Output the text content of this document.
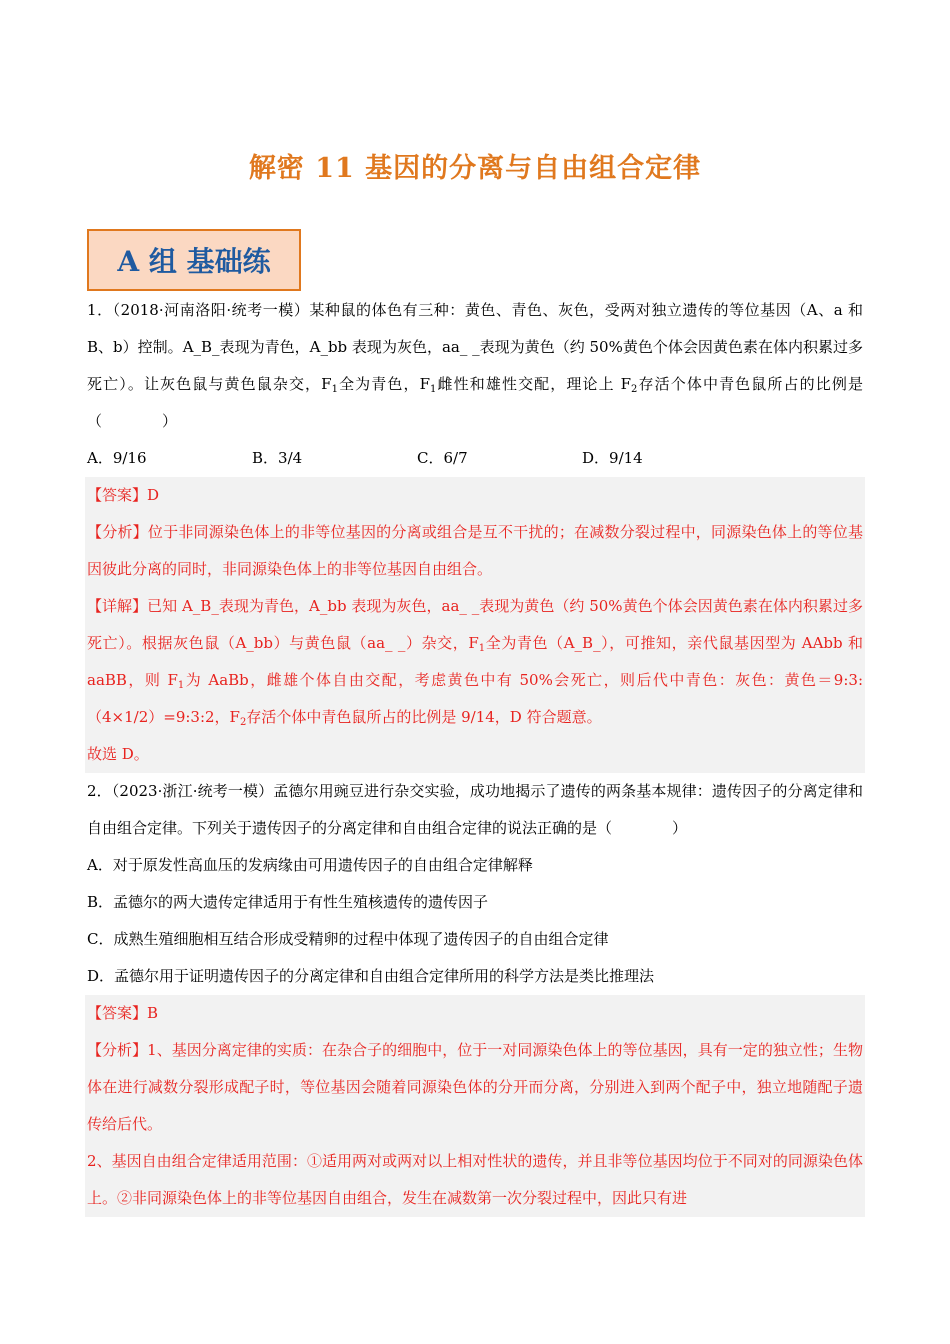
解密 11 基因的分离与自由组合定律
A 组 基础练

1．（2018·河南洛阳·统考一模）某种鼠的体色有三种：黄色、青色、灰色，受两对独立遗传的等位基因（A、a 和 B、b）控制。A_B_表现为青色，A_bb 表现为灰色，aa_ _表现为黄色（约 50%黄色个体会因黄色素在体内积累过多死亡）。让灰色鼠与黄色鼠杂交，$F_1$全为青色，$F_1$雌性和雄性交配，理论上 $F_2$存活个体中青色鼠所占的比例是（　　　　）

A．9/16	B．3/4	C．6/7	D．9/14

【答案】D

【分析】位于非同源染色体上的非等位基因的分离或组合是互不干扰的；在减数分裂过程中，同源染色体上的等位基因彼此分离的同时，非同源染色体上的非等位基因自由组合。

【详解】已知 A_B_表现为青色，A_bb 表现为灰色，aa_ _表现为黄色（约 50%黄色个体会因黄色素在体内积累过多死亡）。根据灰色鼠（A_bb）与黄色鼠（aa_ _）杂交，$F_1$全为青色（A_B_），可推知，亲代鼠基因型为 AAbb 和 aaBB，则 $F_1$为 AaBb，雌雄个体自由交配，考虑黄色中有 50%会死亡，则后代中青色：灰色：黄色＝9:3:（4×1/2）=9:3:2，$F_2$存活个体中青色鼠所占的比例是 9/14，D 符合题意。

故选 D。

2．（2023·浙江·统考一模）孟德尔用豌豆进行杂交实验，成功地揭示了遗传的两条基本规律：遗传因子的分离定律和自由组合定律。下列关于遗传因子的分离定律和自由组合定律的说法正确的是（　　　　）

A．对于原发性高血压的发病缘由可用遗传因子的自由组合定律解释

B．孟德尔的两大遗传定律适用于有性生殖核遗传的遗传因子

C．成熟生殖细胞相互结合形成受精卵的过程中体现了遗传因子的自由组合定律

D．孟德尔用于证明遗传因子的分离定律和自由组合定律所用的科学方法是类比推理法

【答案】B

【分析】1、基因分离定律的实质：在杂合子的细胞中，位于一对同源染色体上的等位基因，具有一定的独立性；生物体在进行减数分裂形成配子时，等位基因会随着同源染色体的分开而分离，分别进入到两个配子中，独立地随配子遗传给后代。

2、基因自由组合定律适用范围：①适用两对或两对以上相对性状的遗传，并且非等位基因均位于不同对的同源染色体上。②非同源染色体上的非等位基因自由组合，发生在减数第一次分裂过程中，因此只有进
